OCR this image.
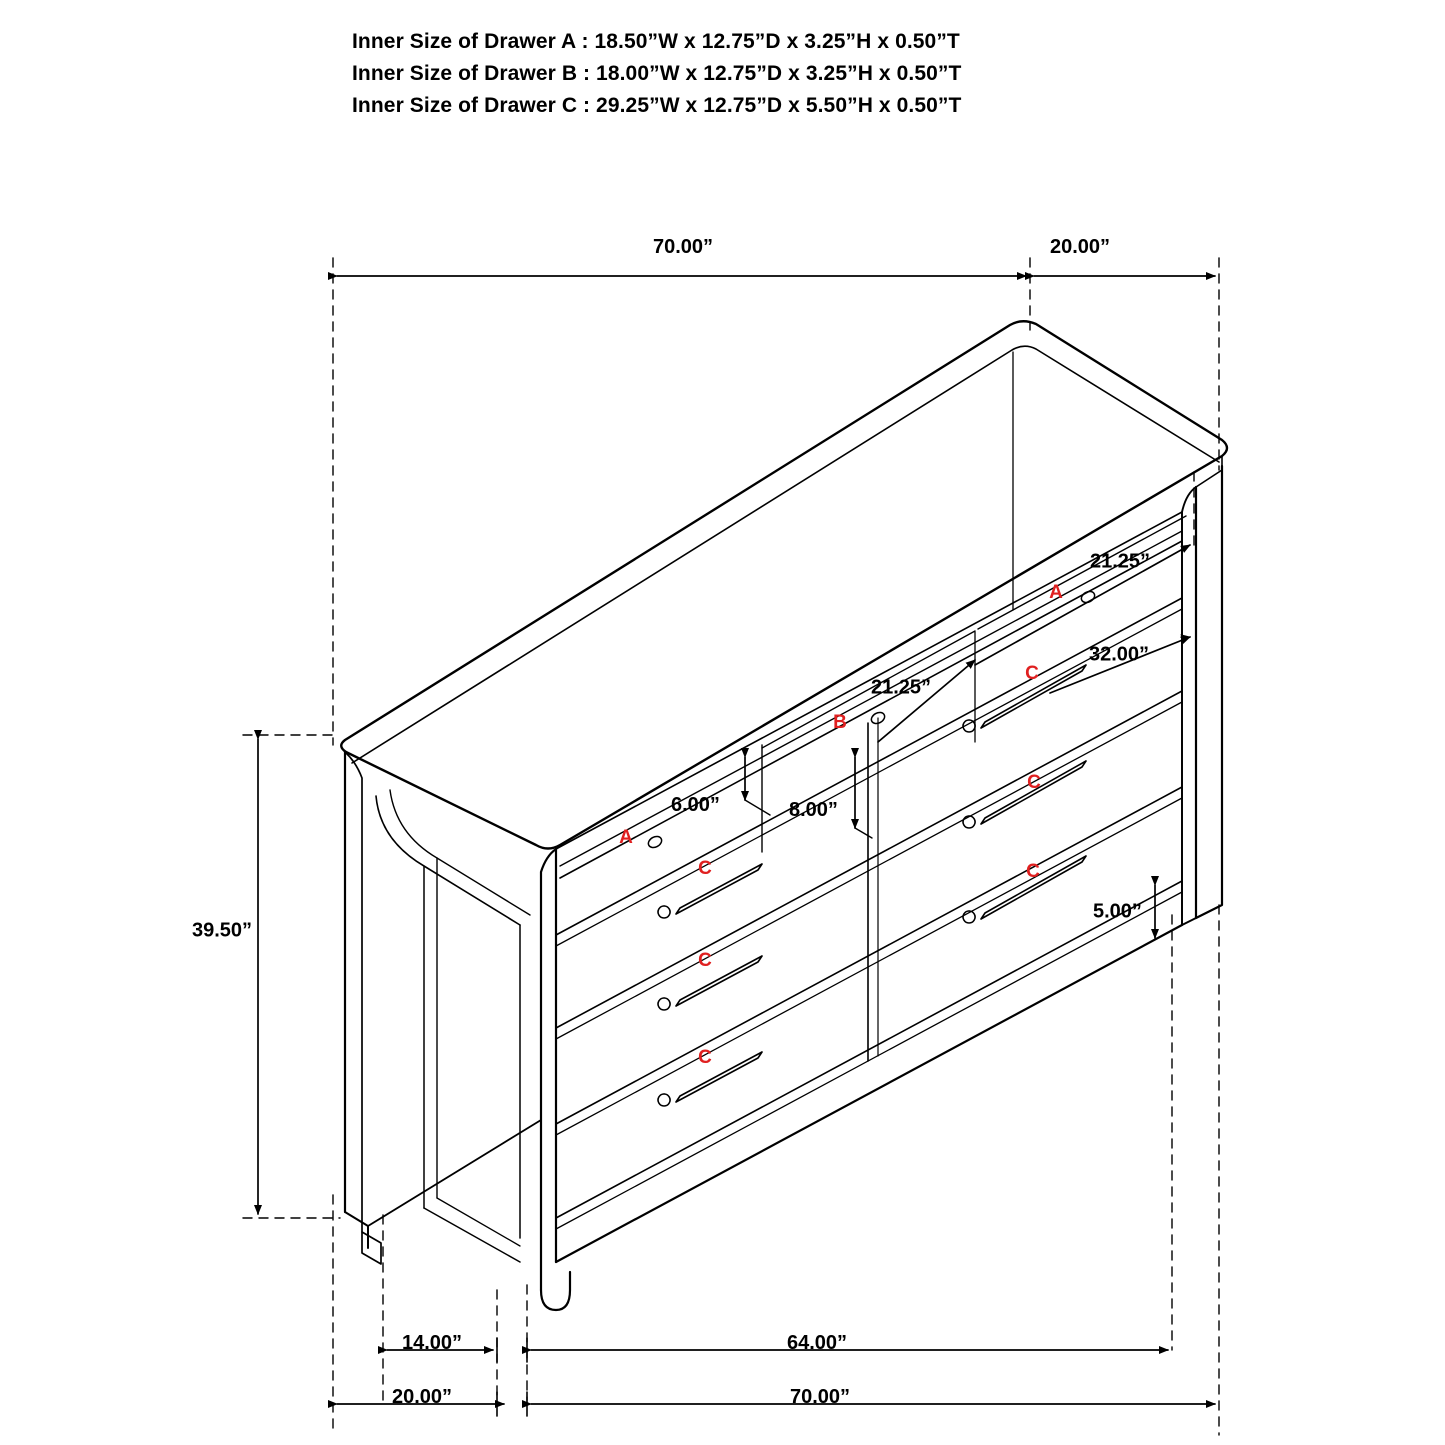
Inner Size of Drawer A : 18.50”W x 12.75”D x 3.25”H x 0.50”T
Inner Size of Drawer B : 18.00”W x 12.75”D x 3.25”H x 0.50”T
Inner Size of Drawer C : 29.25”W x 12.75”D x 5.50”H x 0.50”T
70.00”	20.00”
39.50”
21.25”
32.00”
21.25”
6.00”	8.00”
5.00”
14.00”	64.00”
20.00”	70.00”
A
C
B
A
C
C	C
C
C
